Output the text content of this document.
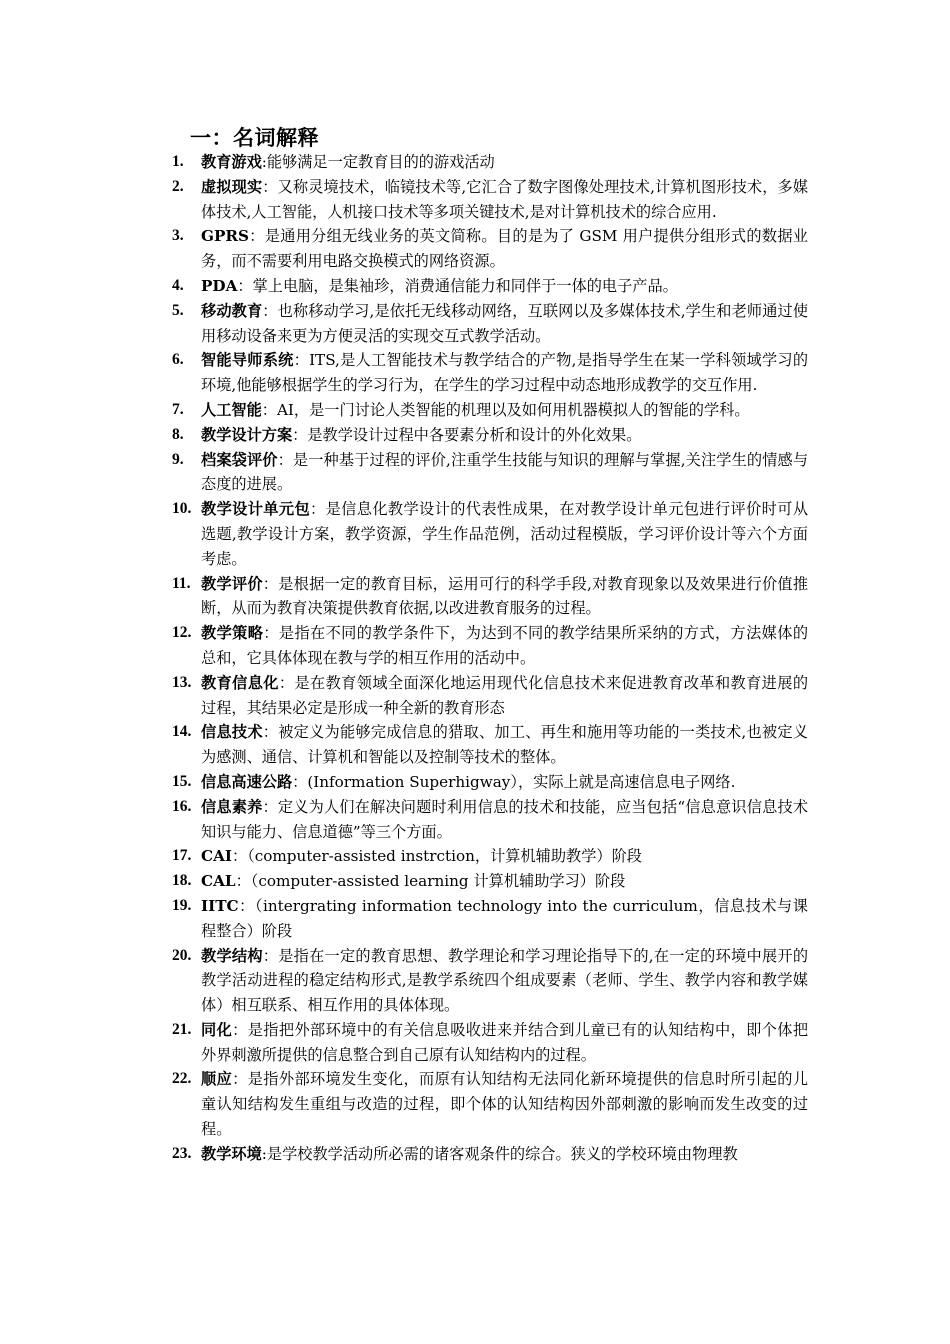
一：名词解释
1. 教育游戏:能够满足一定教育目的的游戏活动
2. 虚拟现实：又称灵境技术，临镜技术等,它汇合了数字图像处理技术,计算机图形技术，多媒体技术,人工智能，人机接口技术等多项关键技术,是对计算机技术的综合应用.
3. GPRS：是通用分组无线业务的英文简称。目的是为了 GSM 用户提供分组形式的数据业务，而不需要利用电路交换模式的网络资源。
4. PDA：掌上电脑，是集袖珍，消费通信能力和同伴于一体的电子产品。
5. 移动教育：也称移动学习,是依托无线移动网络，互联网以及多媒体技术,学生和老师通过使用移动设备来更为方便灵活的实现交互式教学活动。
6. 智能导师系统：ITS,是人工智能技术与教学结合的产物,是指导学生在某一学科领域学习的环境,他能够根据学生的学习行为，在学生的学习过程中动态地形成教学的交互作用.
7. 人工智能：AI，是一门讨论人类智能的机理以及如何用机器模拟人的智能的学科。
8. 教学设计方案：是教学设计过程中各要素分析和设计的外化效果。
9. 档案袋评价：是一种基于过程的评价,注重学生技能与知识的理解与掌握,关注学生的情感与态度的进展。
10. 教学设计单元包：是信息化教学设计的代表性成果，在对教学设计单元包进行评价时可从选题,教学设计方案，教学资源，学生作品范例，活动过程模版，学习评价设计等六个方面考虑。
11. 教学评价：是根据一定的教育目标，运用可行的科学手段,对教育现象以及效果进行价值推断，从而为教育决策提供教育依据,以改进教育服务的过程。
12. 教学策略：是指在不同的教学条件下，为达到不同的教学结果所采纳的方式，方法媒体的总和，它具体体现在教与学的相互作用的活动中。
13. 教育信息化：是在教育领域全面深化地运用现代化信息技术来促进教育改革和教育进展的过程，其结果必定是形成一种全新的教育形态
14. 信息技术：被定义为能够完成信息的猎取、加工、再生和施用等功能的一类技术,也被定义为感测、通信、计算机和智能以及控制等技术的整体。
15. 信息高速公路：(Information Superhigway），实际上就是高速信息电子网络.
16. 信息素养：定义为人们在解决问题时利用信息的技术和技能，应当包括“信息意识信息技术知识与能力、信息道德”等三个方面。
17. CAI：（computer-assisted instrction，计算机辅助教学）阶段
18. CAL：（computer-assisted learning 计算机辅助学习）阶段
19. IITC：（intergrating information technology into the curriculum，信息技术与课程整合）阶段
20. 教学结构：是指在一定的教育思想、教学理论和学习理论指导下的,在一定的环境中展开的教学活动进程的稳定结构形式,是教学系统四个组成要素（老师、学生、教学内容和教学媒体）相互联系、相互作用的具体体现。
21. 同化：是指把外部环境中的有关信息吸收进来并结合到儿童已有的认知结构中，即个体把外界刺激所提供的信息整合到自己原有认知结构内的过程。
22. 顺应：是指外部环境发生变化，而原有认知结构无法同化新环境提供的信息时所引起的儿童认知结构发生重组与改造的过程，即个体的认知结构因外部刺激的影响而发生改变的过程。
23. 教学环境:是学校教学活动所必需的诸客观条件的综合。狭义的学校环境由物理教
